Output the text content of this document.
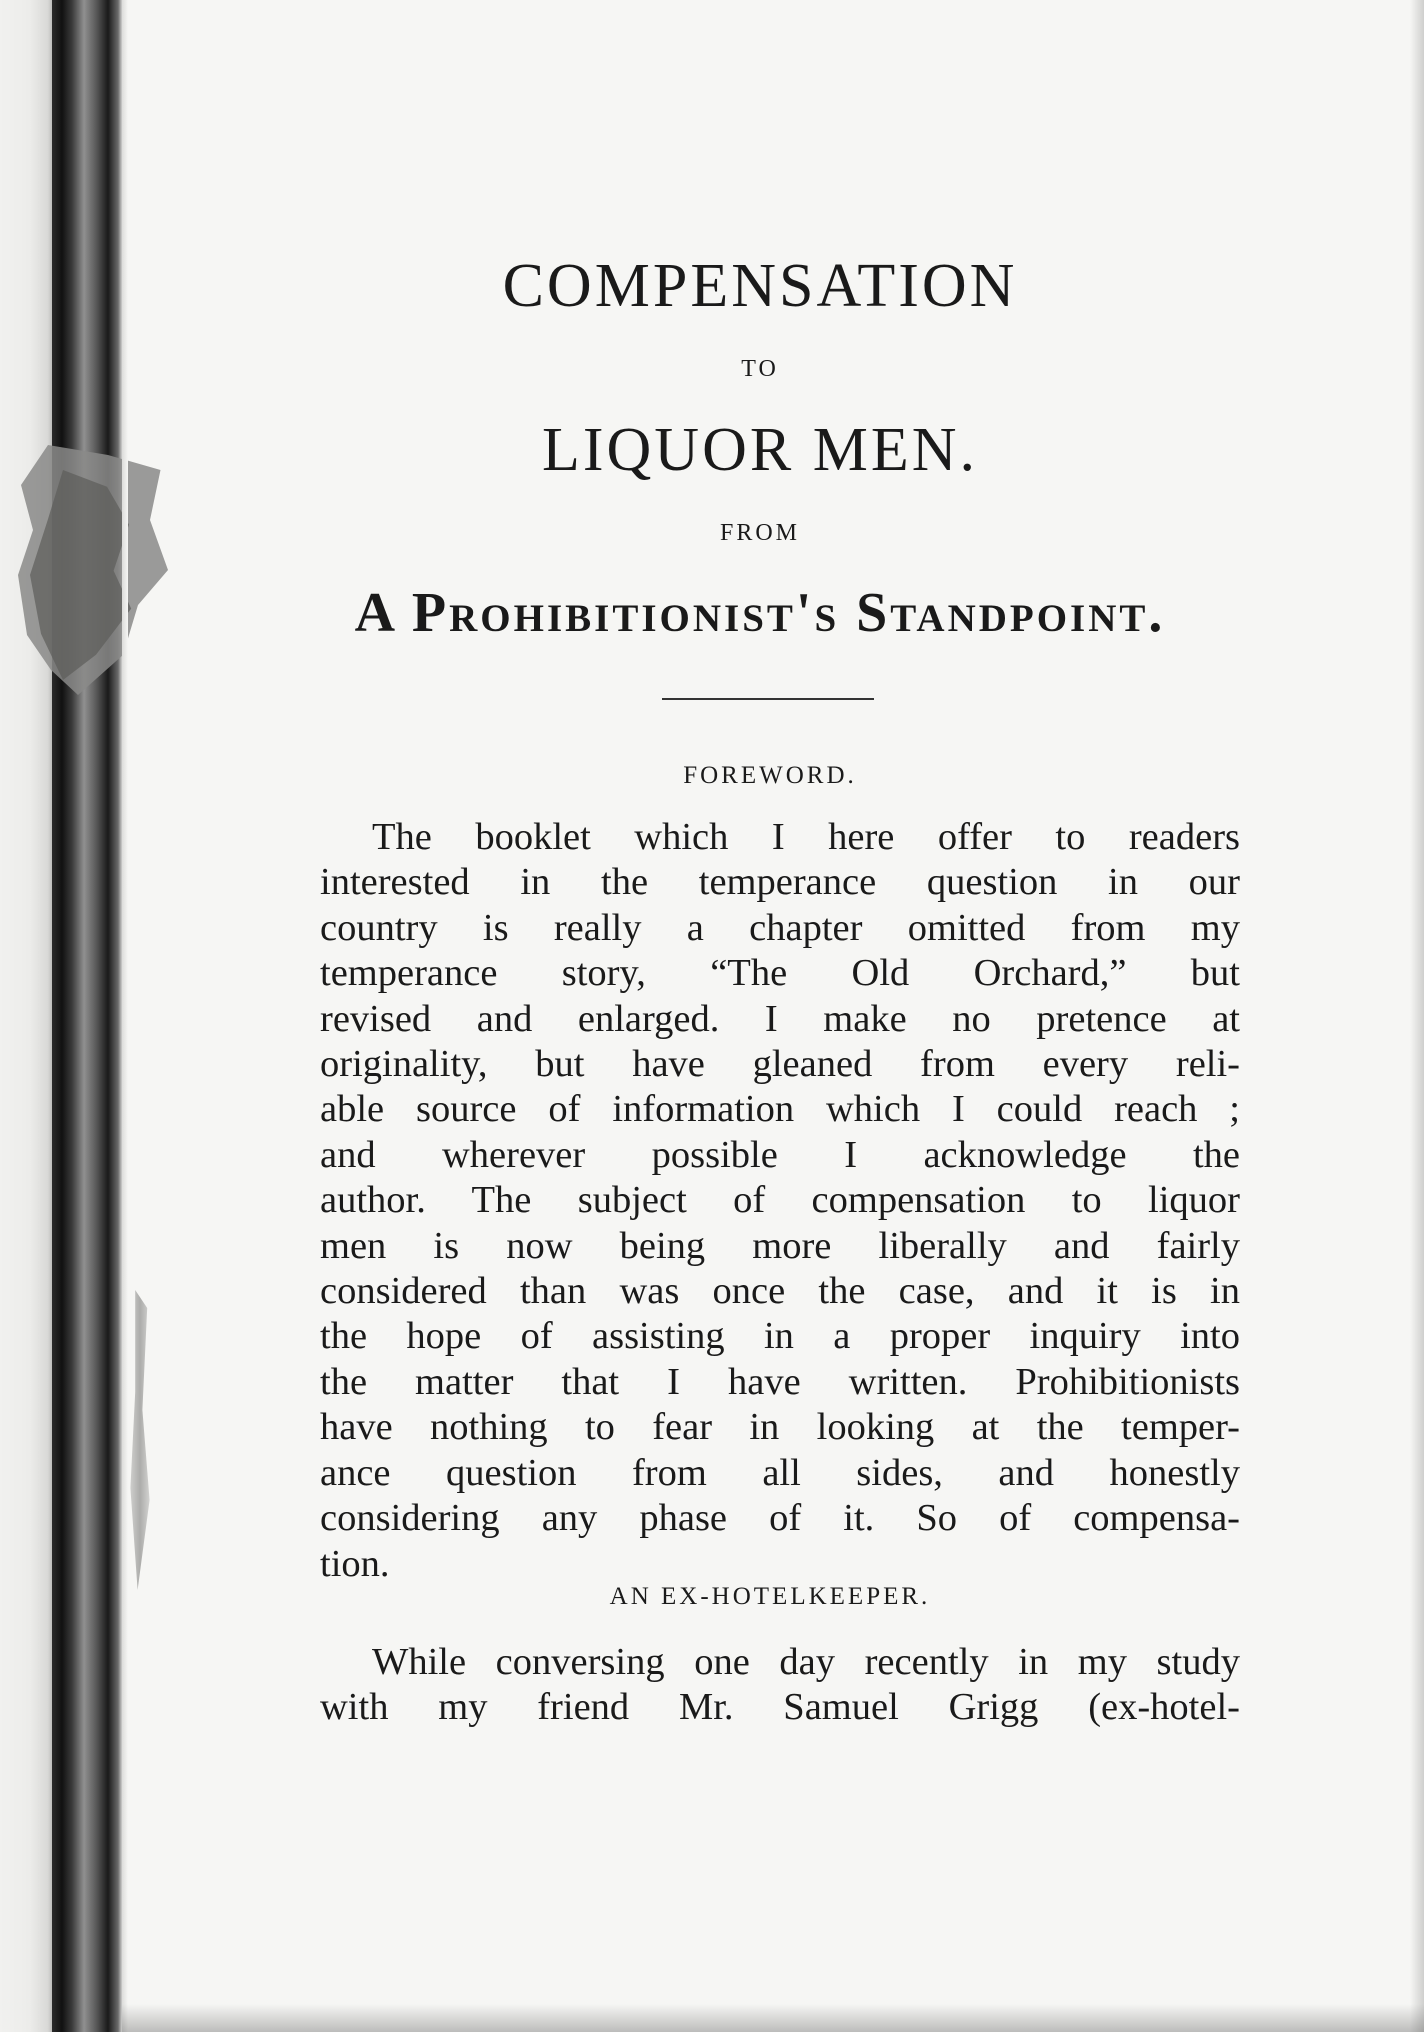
COMPENSATION
TO
LIQUOR MEN.
FROM
A Prohibitionist's Standpoint.
FOREWORD.
The booklet which I here offer to readers
interested in the temperance question in our
country is really a chapter omitted from my
temperance story, “The Old Orchard,” but
revised and enlarged. I make no pretence at
originality, but have gleaned from every reli-
able source of information which I could reach ;
and wherever possible I acknowledge the
author. The subject of compensation to liquor
men is now being more liberally and fairly
considered than was once the case, and it is in
the hope of assisting in a proper inquiry into
the matter that I have written. Prohibitionists
have nothing to fear in looking at the temper-
ance question from all sides, and honestly
considering any phase of it. So of compensa-
tion.
AN EX-HOTELKEEPER.
While conversing one day recently in my study
with my friend Mr. Samuel Grigg (ex-hotel-
